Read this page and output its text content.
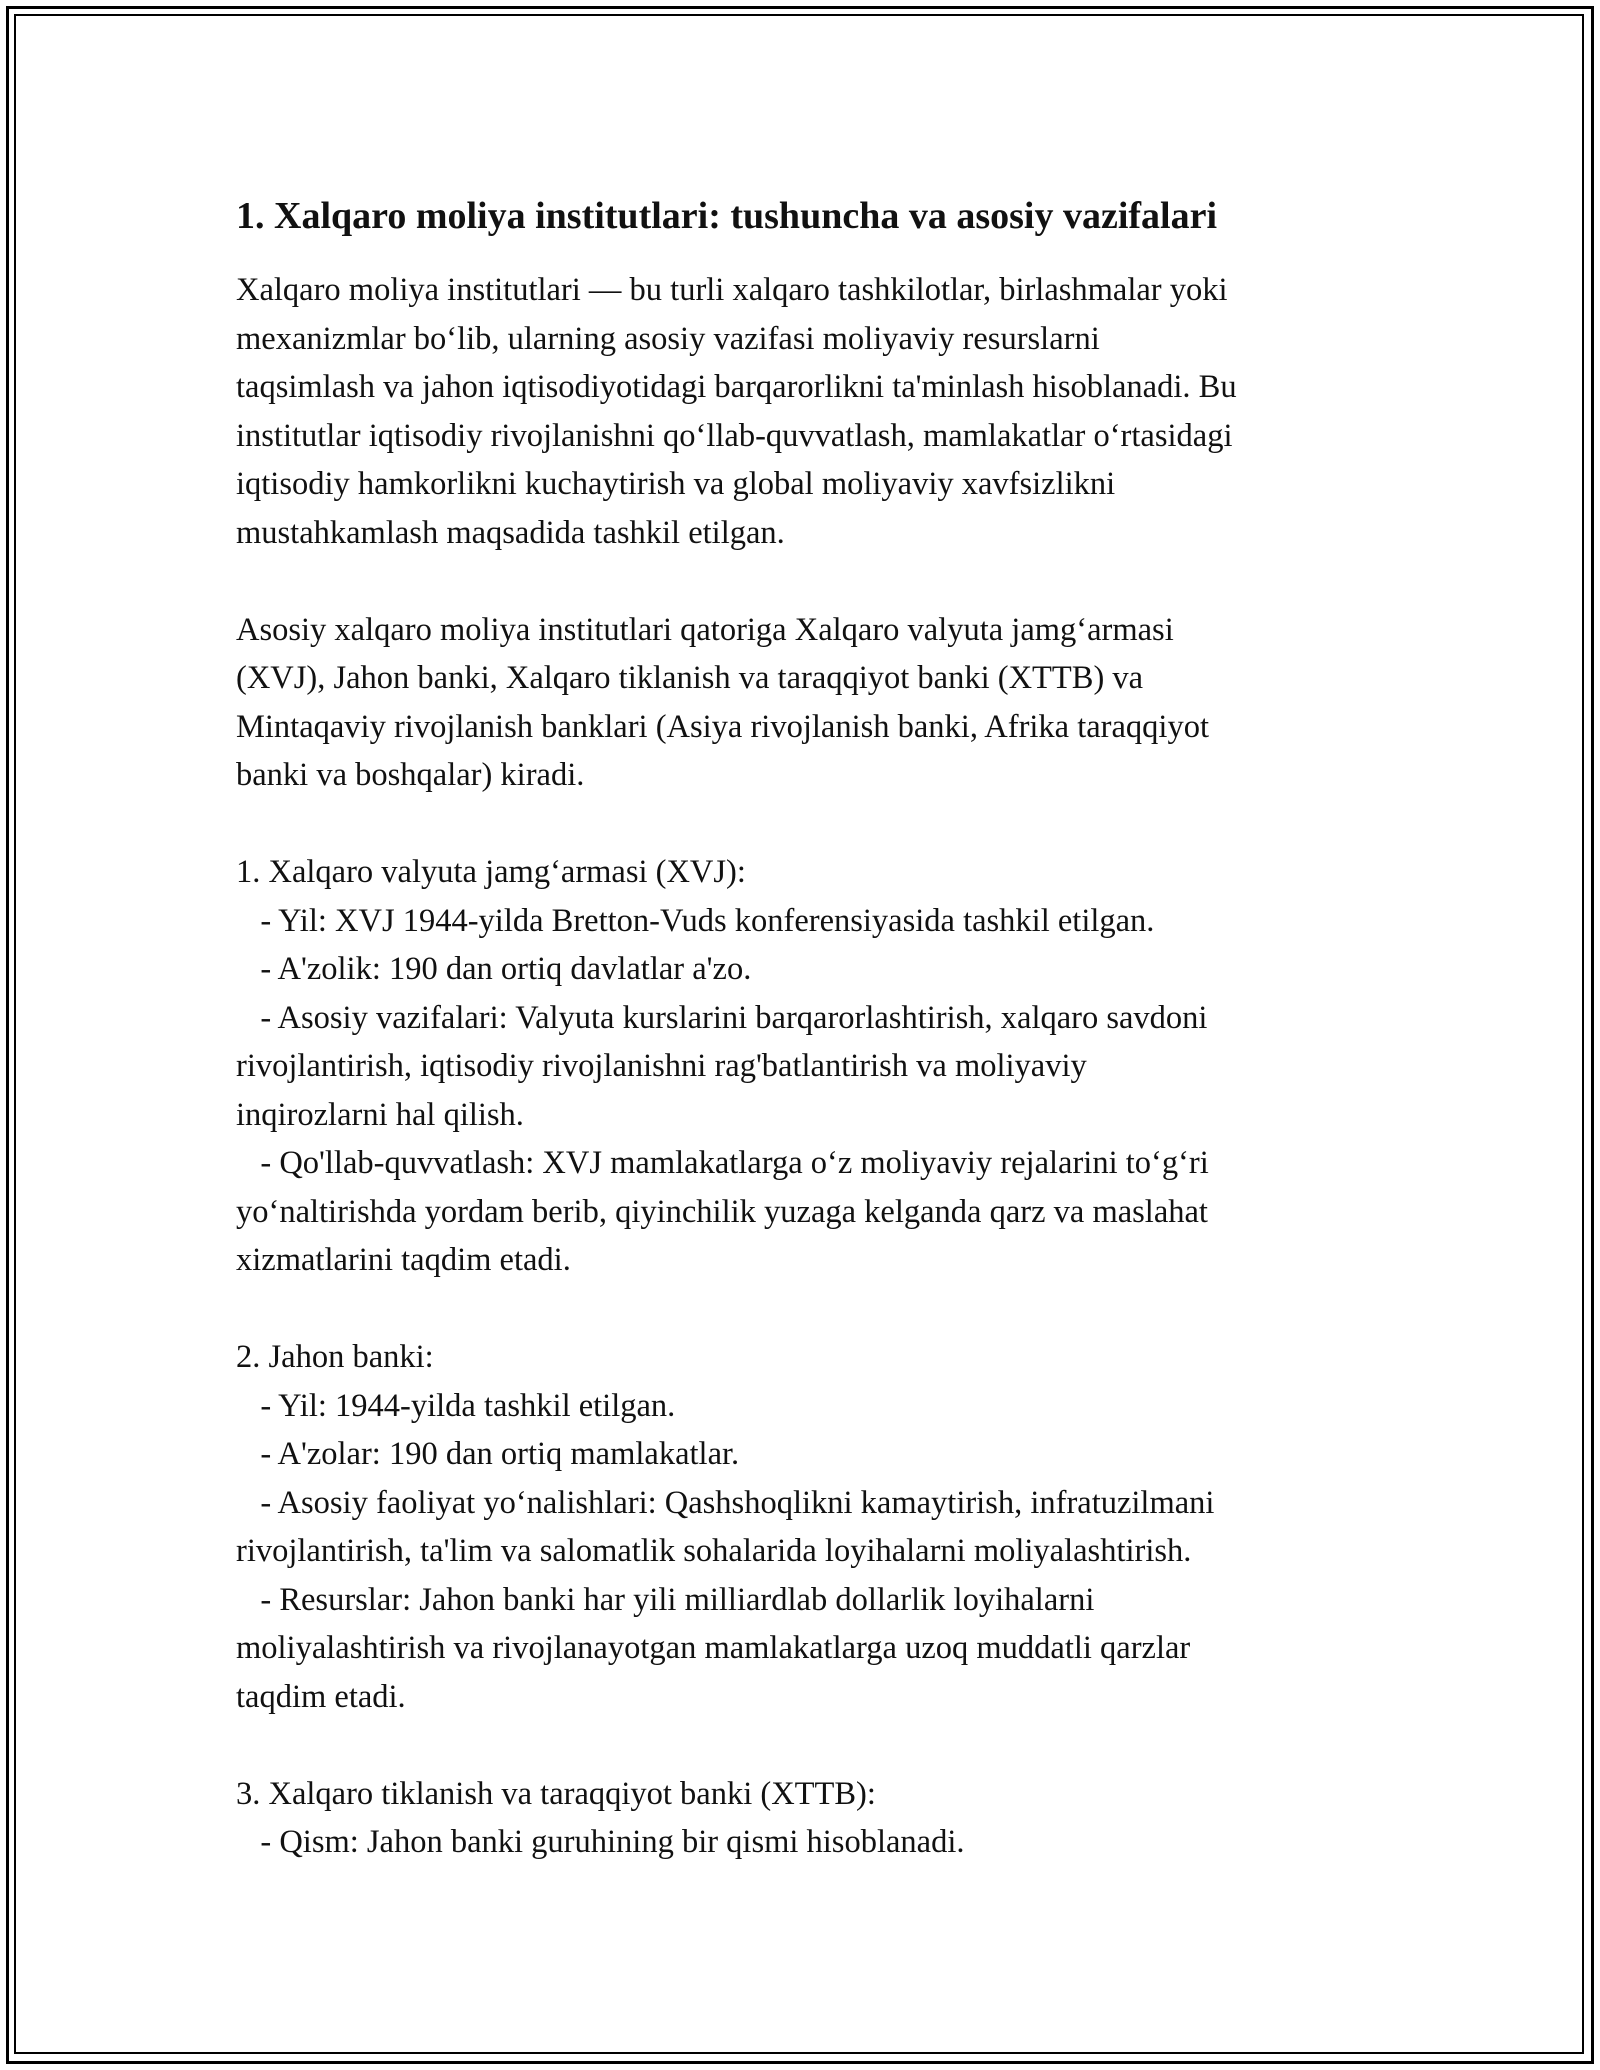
1. Xalqaro moliya institutlari: tushuncha va asosiy vazifalari
Xalqaro moliya institutlari — bu turli xalqaro tashkilotlar, birlashmalar yoki
mexanizmlar bo‘lib, ularning asosiy vazifasi moliyaviy resurslarni
taqsimlash va jahon iqtisodiyotidagi barqarorlikni ta'minlash hisoblanadi. Bu
institutlar iqtisodiy rivojlanishni qo‘llab-quvvatlash, mamlakatlar o‘rtasidagi
iqtisodiy hamkorlikni kuchaytirish va global moliyaviy xavfsizlikni
mustahkamlash maqsadida tashkil etilgan.
Asosiy xalqaro moliya institutlari qatoriga Xalqaro valyuta jamg‘armasi
(XVJ), Jahon banki, Xalqaro tiklanish va taraqqiyot banki (XTTB) va
Mintaqaviy rivojlanish banklari (Asiya rivojlanish banki, Afrika taraqqiyot
banki va boshqalar) kiradi.
1. Xalqaro valyuta jamg‘armasi (XVJ):
- Yil: XVJ 1944-yilda Bretton-Vuds konferensiyasida tashkil etilgan.
- A'zolik: 190 dan ortiq davlatlar a'zo.
- Asosiy vazifalari: Valyuta kurslarini barqarorlashtirish, xalqaro savdoni
rivojlantirish, iqtisodiy rivojlanishni rag'batlantirish va moliyaviy
inqirozlarni hal qilish.
- Qo'llab-quvvatlash: XVJ mamlakatlarga o‘z moliyaviy rejalarini to‘g‘ri
yo‘naltirishda yordam berib, qiyinchilik yuzaga kelganda qarz va maslahat
xizmatlarini taqdim etadi.
2. Jahon banki:
- Yil: 1944-yilda tashkil etilgan.
- A'zolar: 190 dan ortiq mamlakatlar.
- Asosiy faoliyat yo‘nalishlari: Qashshoqlikni kamaytirish, infratuzilmani
rivojlantirish, ta'lim va salomatlik sohalarida loyihalarni moliyalashtirish.
- Resurslar: Jahon banki har yili milliardlab dollarlik loyihalarni
moliyalashtirish va rivojlanayotgan mamlakatlarga uzoq muddatli qarzlar
taqdim etadi.
3. Xalqaro tiklanish va taraqqiyot banki (XTTB):
- Qism: Jahon banki guruhining bir qismi hisoblanadi.
